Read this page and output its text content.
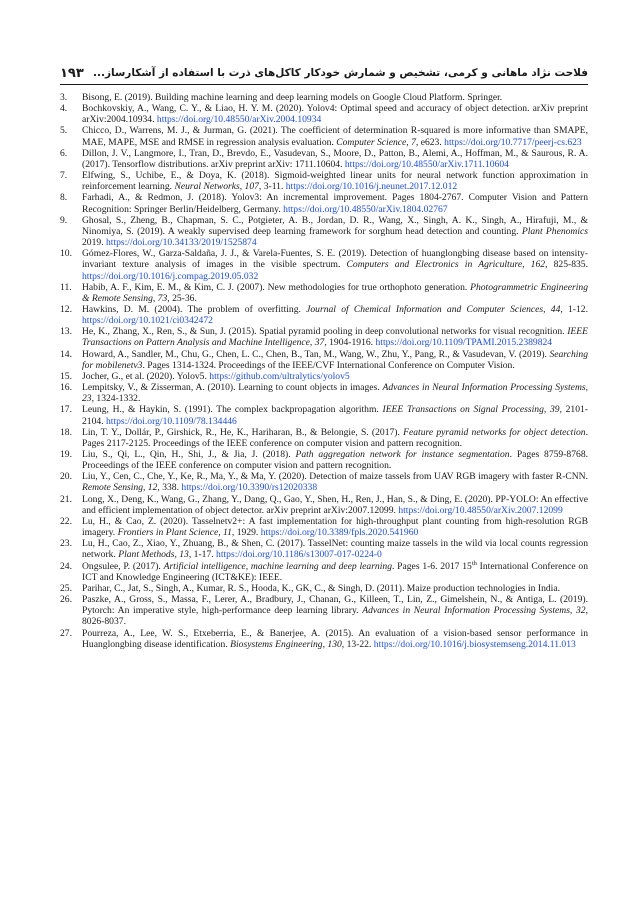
۱۹۳ فلاحت نژاد ماهانی و کرمی، تشخیص و شمارش خودکار کاکل‌های ذرت با استفاده از آشکارساز...
3. Bisong, E. (2019). Building machine learning and deep learning models on Google Cloud Platform. Springer.
4. Bochkovskiy, A., Wang, C. Y., & Liao, H. Y. M. (2020). Yolov4: Optimal speed and accuracy of object detection. arXiv preprint arXiv:2004.10934. https://doi.org/10.48550/arXiv.2004.10934
5. Chicco, D., Warrens, M. J., & Jurman, G. (2021). The coefficient of determination R-squared is more informative than SMAPE, MAE, MAPE, MSE and RMSE in regression analysis evaluation. Computer Science, 7, e623. https://doi.org/10.7717/peerj-cs.623
6. Dillon, J. V., Langmore, I., Tran, D., Brevdo, E., Vasudevan, S., Moore, D., Patton, B., Alemi, A., Hoffman, M., & Saurous, R. A. (2017). Tensorflow distributions. arXiv preprint arXiv: 1711.10604. https://doi.org/10.48550/arXiv.1711.10604
7. Elfwing, S., Uchibe, E., & Doya, K. (2018). Sigmoid-weighted linear units for neural network function approximation in reinforcement learning. Neural Networks, 107, 3-11. https://doi.org/10.1016/j.neunet.2017.12.012
8. Farhadi, A., & Redmon, J. (2018). Yolov3: An incremental improvement. Pages 1804-2767. Computer Vision and Pattern Recognition: Springer Berlin/Heidelberg, Germany. https://doi.org/10.48550/arXiv.1804.02767
9. Ghosal, S., Zheng, B., Chapman, S. C., Potgieter, A. B., Jordan, D. R., Wang, X., Singh, A. K., Singh, A., Hirafuji, M., & Ninomiya, S. (2019). A weakly supervised deep learning framework for sorghum head detection and counting. Plant Phenomics 2019. https://doi.org/10.34133/2019/1525874
10. Gómez-Flores, W., Garza-Saldaña, J. J., & Varela-Fuentes, S. E. (2019). Detection of huanglongbing disease based on intensity-invariant texture analysis of images in the visible spectrum. Computers and Electronics in Agriculture, 162, 825-835. https://doi.org/10.1016/j.compag.2019.05.032
11. Habib, A. F., Kim, E. M., & Kim, C. J. (2007). New methodologies for true orthophoto generation. Photogrammetric Engineering & Remote Sensing, 73, 25-36.
12. Hawkins, D. M. (2004). The problem of overfitting. Journal of Chemical Information and Computer Sciences, 44, 1-12. https://doi.org/10.1021/ci0342472
13. He, K., Zhang, X., Ren, S., & Sun, J. (2015). Spatial pyramid pooling in deep convolutional networks for visual recognition. IEEE Transactions on Pattern Analysis and Machine Intelligence, 37, 1904-1916. https://doi.org/10.1109/TPAMI.2015.2389824
14. Howard, A., Sandler, M., Chu, G., Chen, L. C., Chen, B., Tan, M., Wang, W., Zhu, Y., Pang, R., & Vasudevan, V. (2019). Searching for mobilenetv3. Pages 1314-1324. Proceedings of the IEEE/CVF International Conference on Computer Vision.
15. Jocher, G., et al. (2020). Yolov5. https://github.com/ultralytics/yolov5
16. Lempitsky, V., & Zisserman, A. (2010). Learning to count objects in images. Advances in Neural Information Processing Systems, 23, 1324-1332.
17. Leung, H., & Haykin, S. (1991). The complex backpropagation algorithm. IEEE Transactions on Signal Processing, 39, 2101-2104. https://doi.org/10.1109/78.134446
18. Lin, T. Y., Dollár, P., Girshick, R., He, K., Hariharan, B., & Belongie, S. (2017). Feature pyramid networks for object detection. Pages 2117-2125. Proceedings of the IEEE conference on computer vision and pattern recognition.
19. Liu, S., Qi, L., Qin, H., Shi, J., & Jia, J. (2018). Path aggregation network for instance segmentation. Pages 8759-8768. Proceedings of the IEEE conference on computer vision and pattern recognition.
20. Liu, Y., Cen, C., Che, Y., Ke, R., Ma, Y., & Ma, Y. (2020). Detection of maize tassels from UAV RGB imagery with faster R-CNN. Remote Sensing, 12, 338. https://doi.org/10.3390/rs12020338
21. Long, X., Deng, K., Wang, G., Zhang, Y., Dang, Q., Gao, Y., Shen, H., Ren, J., Han, S., & Ding, E. (2020). PP-YOLO: An effective and efficient implementation of object detector. arXiv preprint arXiv:2007.12099. https://doi.org/10.48550/arXiv.2007.12099
22. Lu, H., & Cao, Z. (2020). Tasselnetv2+: A fast implementation for high-throughput plant counting from high-resolution RGB imagery. Frontiers in Plant Science, 11, 1929. https://doi.org/10.3389/fpls.2020.541960
23. Lu, H., Cao, Z., Xiao, Y., Zhuang, B., & Shen, C. (2017). TasselNet: counting maize tassels in the wild via local counts regression network. Plant Methods, 13, 1-17. https://doi.org/10.1186/s13007-017-0224-0
24. Ongsulee, P. (2017). Artificial intelligence, machine learning and deep learning. Pages 1-6. 2017 15th International Conference on ICT and Knowledge Engineering (ICT&KE): IEEE.
25. Parihar, C., Jat, S., Singh, A., Kumar, R. S., Hooda, K., GK, C., & Singh, D. (2011). Maize production technologies in India.
26. Paszke, A., Gross, S., Massa, F., Lerer, A., Bradbury, J., Chanan, G., Killeen, T., Lin, Z., Gimelshein, N., & Antiga, L. (2019). Pytorch: An imperative style, high-performance deep learning library. Advances in Neural Information Processing Systems, 32, 8026-8037.
27. Pourreza, A., Lee, W. S., Etxeberria, E., & Banerjee, A. (2015). An evaluation of a vision-based sensor performance in Huanglongbing disease identification. Biosystems Engineering, 130, 13-22. https://doi.org/10.1016/j.biosystemseng.2014.11.013
